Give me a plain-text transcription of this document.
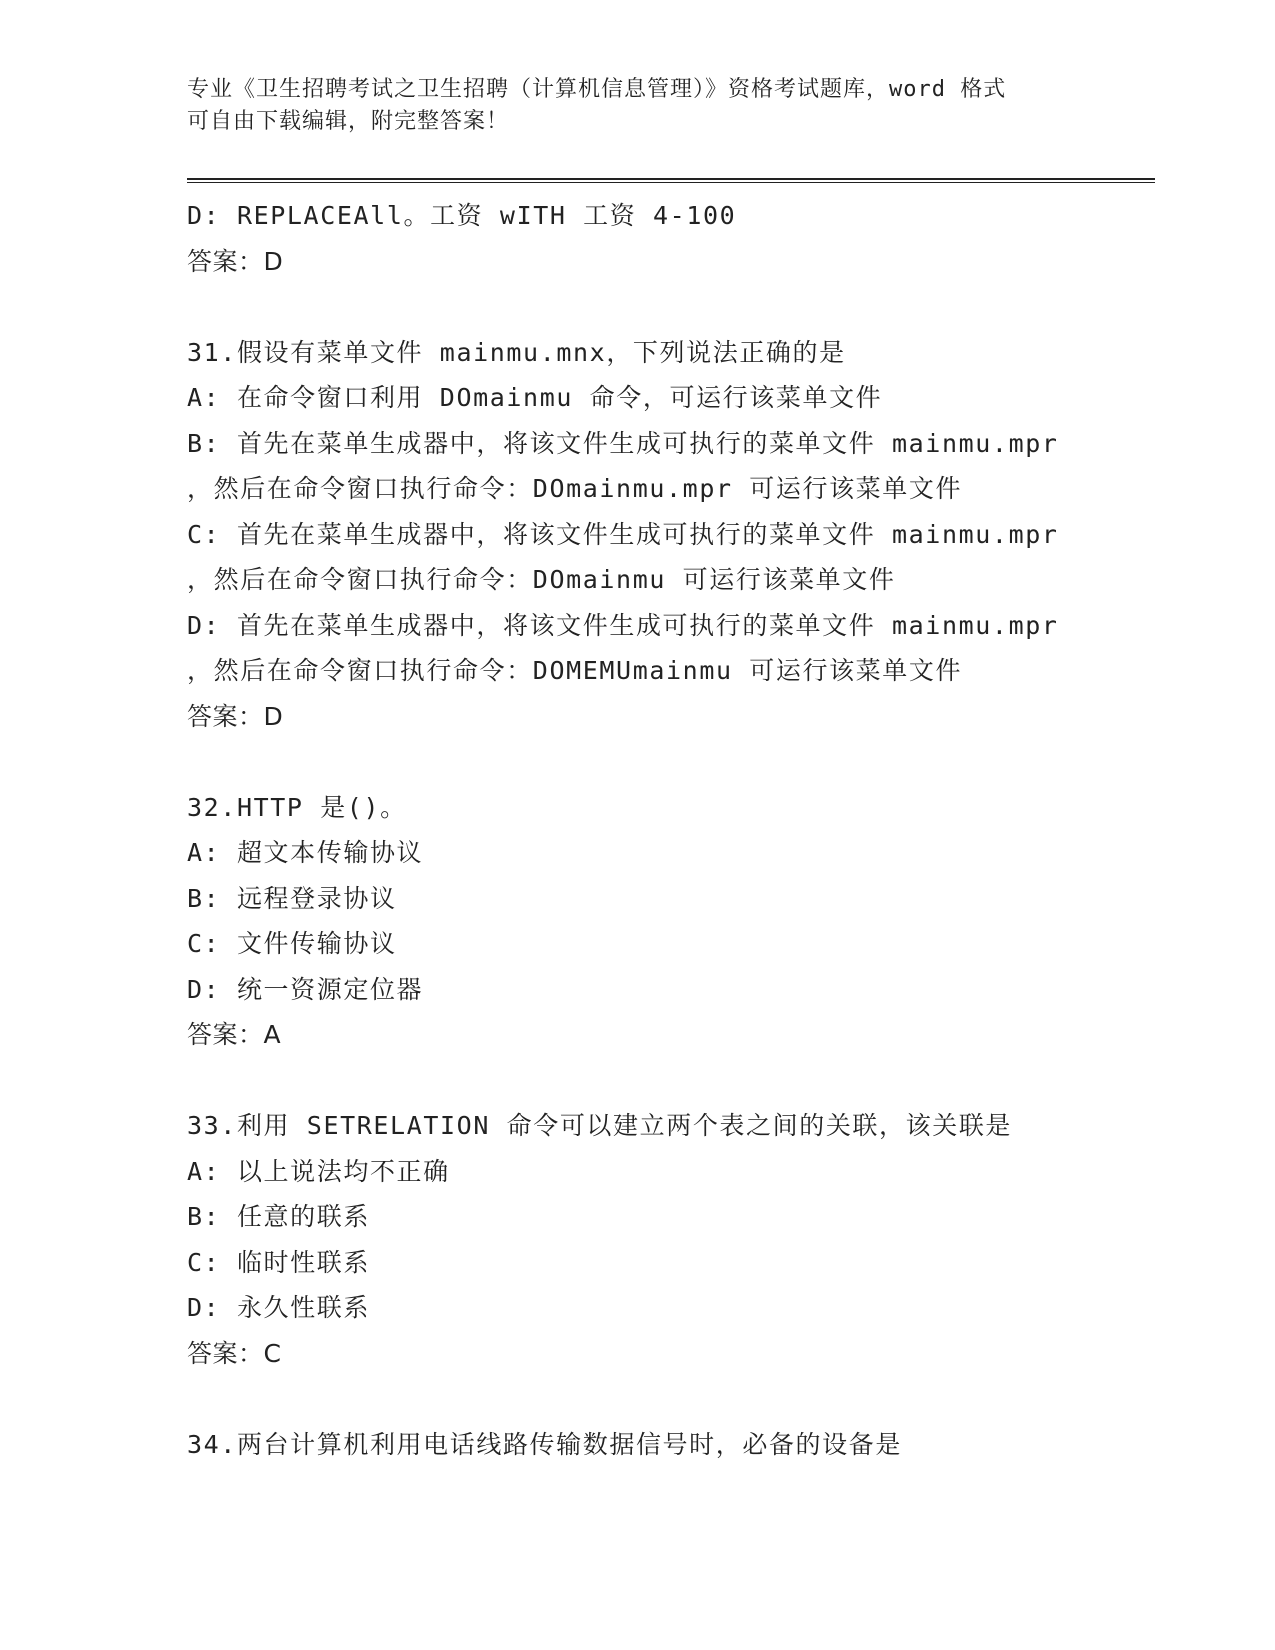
专业《卫生招聘考试之卫生招聘（计算机信息管理）》资格考试题库，word 格式
可自由下载编辑，附完整答案！
D: REPLACEAll。工资 wITH 工资 4-100
答案：D
31.假设有菜单文件 mainmu.mnx，下列说法正确的是
A: 在命令窗口利用 DOmainmu 命令，可运行该菜单文件
B: 首先在菜单生成器中，将该文件生成可执行的菜单文件 mainmu.mpr
，然后在命令窗口执行命令：DOmainmu.mpr 可运行该菜单文件
C: 首先在菜单生成器中，将该文件生成可执行的菜单文件 mainmu.mpr
，然后在命令窗口执行命令：DOmainmu 可运行该菜单文件
D: 首先在菜单生成器中，将该文件生成可执行的菜单文件 mainmu.mpr
，然后在命令窗口执行命令：DOMEMUmainmu 可运行该菜单文件
答案：D
32.HTTP 是()。
A: 超文本传输协议
B: 远程登录协议
C: 文件传输协议
D: 统一资源定位器
答案：A
33.利用 SETRELATION 命令可以建立两个表之间的关联，该关联是
A: 以上说法均不正确
B: 任意的联系
C: 临时性联系
D: 永久性联系
答案：C
34.两台计算机利用电话线路传输数据信号时，必备的设备是
